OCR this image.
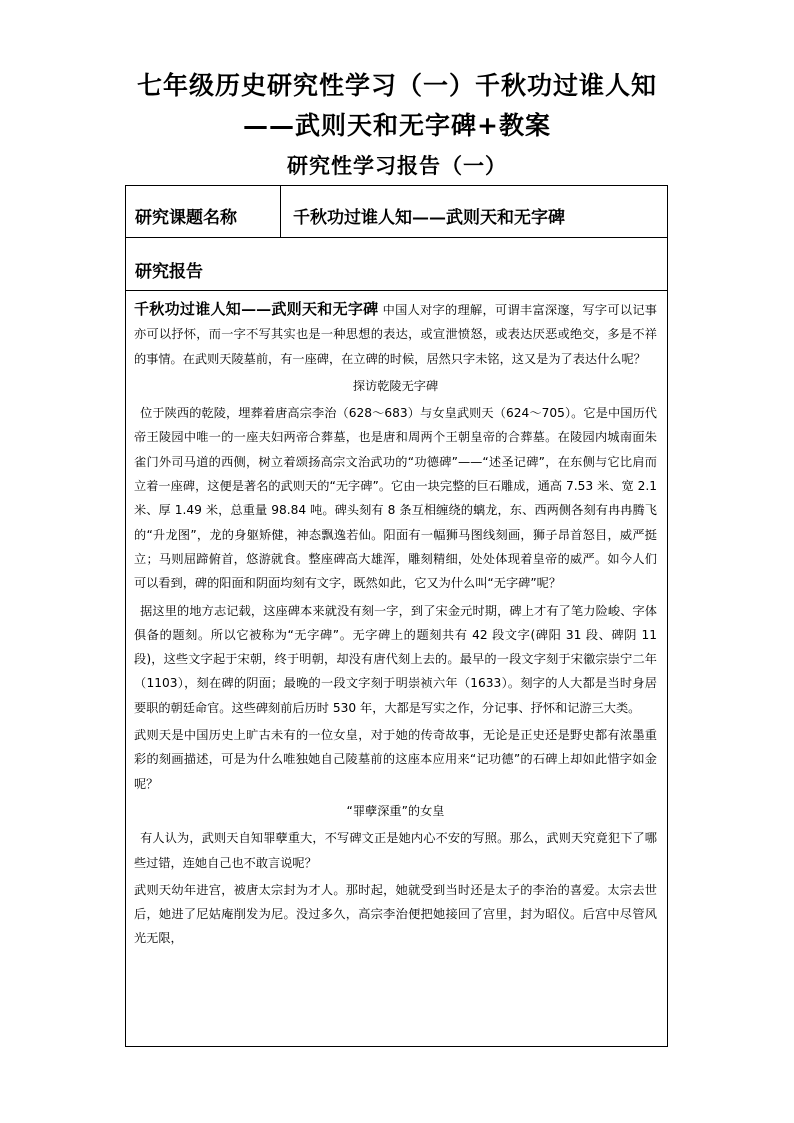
七年级历史研究性学习（一）千秋功过谁人知
——武则天和无字碑+教案
研究性学习报告（一）
研究课题名称	千秋功过谁人知——武则天和无字碑
研究报告

千秋功过谁人知——武则天和无字碑 中国人对字的理解，可谓丰富深邃，写字可以记事亦可以抒怀，而一字不写其实也是一种思想的表达，或宣泄愤怒，或表达厌恶或绝交，多是不祥的事情。在武则天陵墓前，有一座碑，在立碑的时候，居然只字未铭，这又是为了表达什么呢？

探访乾陵无字碑

位于陕西的乾陵，埋葬着唐高宗李治（628～683）与女皇武则天（624～705）。它是中国历代帝王陵园中唯一的一座夫妇两帝合葬墓，也是唐和周两个王朝皇帝的合葬墓。在陵园内城南面朱雀门外司马道的西侧，树立着颂扬高宗文治武功的“功德碑”——“述圣记碑”，在东侧与它比肩而立着一座碑，这便是著名的武则天的“无字碑”。它由一块完整的巨石雕成，通高 7.53 米、宽 2.1 米、厚 1.49 米，总重量 98.84 吨。碑头刻有 8 条互相缠绕的螭龙，东、西两侧各刻有冉冉腾飞的“升龙图”，龙的身躯矫健，神态飘逸若仙。阳面有一幅狮马图线刻画，狮子昂首怒目，威严挺立；马则屈蹄俯首，悠游就食。整座碑高大雄浑，雕刻精细，处处体现着皇帝的威严。如今人们可以看到，碑的阳面和阴面均刻有文字，既然如此，它又为什么叫“无字碑”呢？

据这里的地方志记载，这座碑本来就没有刻一字，到了宋金元时期，碑上才有了笔力险峻、字体俱备的题刻。所以它被称为“无字碑”。无字碑上的题刻共有 42 段文字(碑阳 31 段、碑阴 11 段)，这些文字起于宋朝，终于明朝，却没有唐代刻上去的。最早的一段文字刻于宋徽宗崇宁二年（1103），刻在碑的阴面；最晚的一段文字刻于明崇祯六年（1633）。刻字的人大都是当时身居要职的朝廷命官。这些碑刻前后历时 530 年，大都是写实之作，分记事、抒怀和记游三大类。

武则天是中国历史上旷古未有的一位女皇，对于她的传奇故事，无论是正史还是野史都有浓墨重彩的刻画描述，可是为什么唯独她自己陵墓前的这座本应用来“记功德”的石碑上却如此惜字如金呢？

“罪孽深重”的女皇

有人认为，武则天自知罪孽重大，不写碑文正是她内心不安的写照。那么，武则天究竟犯下了哪些过错，连她自己也不敢言说呢？

武则天幼年进宫，被唐太宗封为才人。那时起，她就受到当时还是太子的李治的喜爱。太宗去世后，她进了尼姑庵削发为尼。没过多久，高宗李治便把她接回了宫里，封为昭仪。后宫中尽管风光无限，
